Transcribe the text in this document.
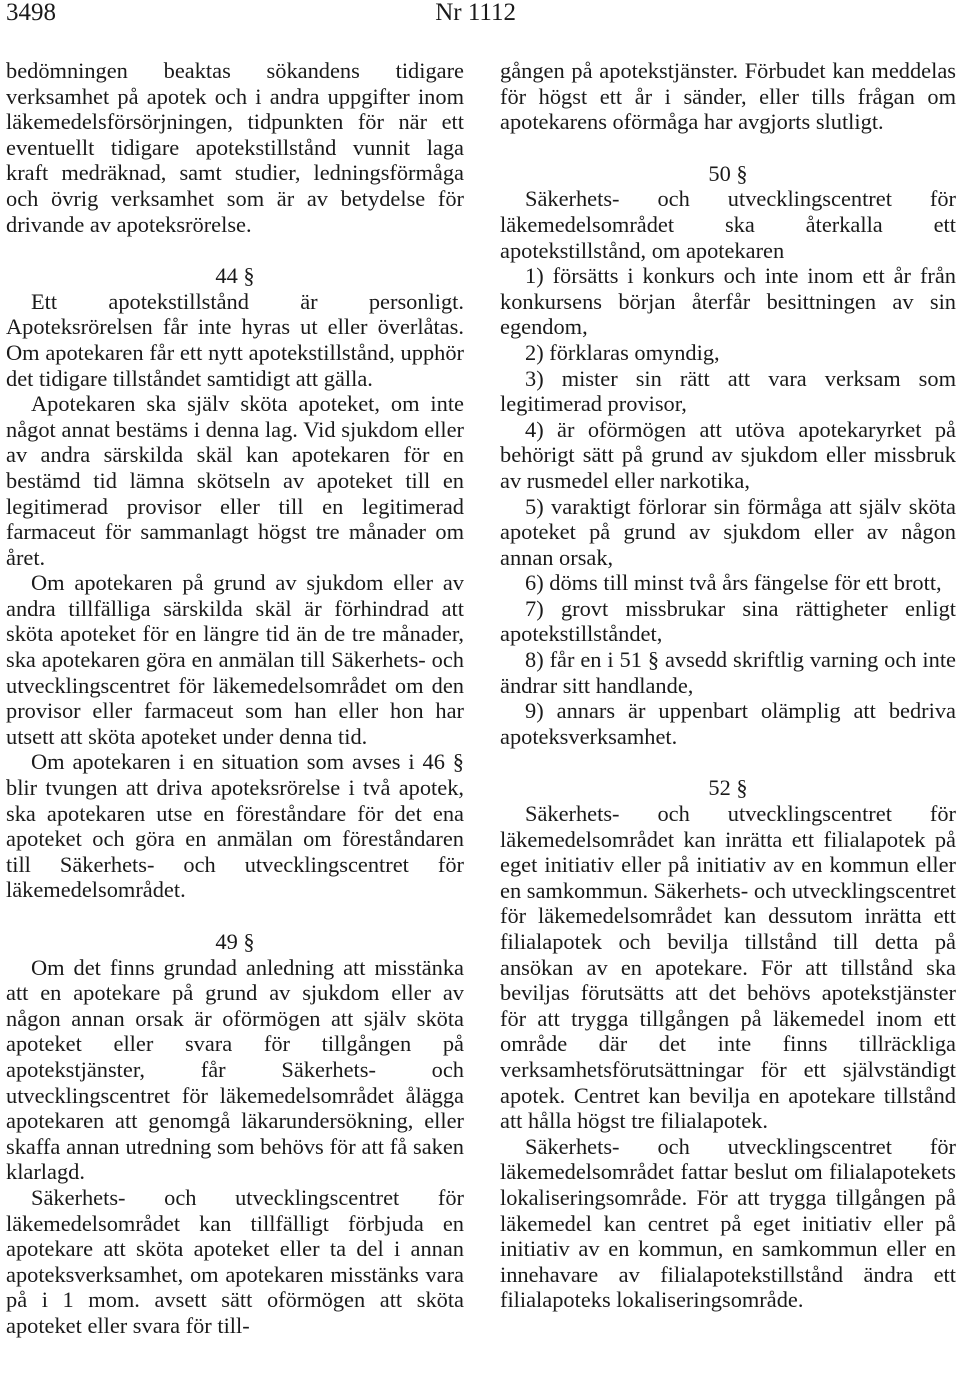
3498	Nr 1112

bedömningen beaktas sökandens tidigare verksamhet på apotek och i andra uppgifter inom läkemedelsförsörjningen, tidpunkten för när ett eventuellt tidigare apotekstillstånd vunnit laga kraft medräknad, samt studier, ledningsförmåga och övrig verksamhet som är av betydelse för drivande av apoteksrörelse.

44 §

Ett apotekstillstånd är personligt. Apoteksrörelsen får inte hyras ut eller överlåtas. Om apotekaren får ett nytt apotekstillstånd, upphör det tidigare tillståndet samtidigt att gälla.

Apotekaren ska själv sköta apoteket, om inte något annat bestäms i denna lag. Vid sjukdom eller av andra särskilda skäl kan apotekaren för en bestämd tid lämna skötseln av apoteket till en legitimerad provisor eller till en legitimerad farmaceut för sammanlagt högst tre månader om året.

Om apotekaren på grund av sjukdom eller av andra tillfälliga särskilda skäl är förhindrad att sköta apoteket för en längre tid än de tre månader, ska apotekaren göra en anmälan till Säkerhets- och utvecklingscentret för läkemedelsområdet om den provisor eller farmaceut som han eller hon har utsett att sköta apoteket under denna tid.

Om apotekaren i en situation som avses i 46 § blir tvungen att driva apoteksrörelse i två apotek, ska apotekaren utse en föreståndare för det ena apoteket och göra en anmälan om föreståndaren till Säkerhets- och utvecklingscentret för läkemedelsområdet.

49 §

Om det finns grundad anledning att misstänka att en apotekare på grund av sjukdom eller av någon annan orsak är oförmögen att själv sköta apoteket eller svara för tillgången på apotekstjänster, får Säkerhets- och utvecklingscentret för läkemedelsområdet ålägga apotekaren att genomgå läkarundersökning, eller skaffa annan utredning som behövs för att få saken klarlagd.

Säkerhets- och utvecklingscentret för läkemedelsområdet kan tillfälligt förbjuda en apotekare att sköta apoteket eller ta del i annan apoteksverksamhet, om apotekaren misstänks vara på i 1 mom. avsett sätt oförmögen att sköta apoteket eller svara för till-

gången på apotekstjänster. Förbudet kan meddelas för högst ett år i sänder, eller tills frågan om apotekarens oförmåga har avgjorts slutligt.

50 §

Säkerhets- och utvecklingscentret för läkemedelsområdet ska återkalla ett apotekstillstånd, om apotekaren

1) försätts i konkurs och inte inom ett år från konkursens början återfår besittningen av sin egendom,

2) förklaras omyndig,

3) mister sin rätt att vara verksam som legitimerad provisor,

4) är oförmögen att utöva apotekaryrket på behörigt sätt på grund av sjukdom eller missbruk av rusmedel eller narkotika,

5) varaktigt förlorar sin förmåga att själv sköta apoteket på grund av sjukdom eller av någon annan orsak,

6) döms till minst två års fängelse för ett brott,

7) grovt missbrukar sina rättigheter enligt apotekstillståndet,

8) får en i 51 § avsedd skriftlig varning och inte ändrar sitt handlande,

9) annars är uppenbart olämplig att bedriva apoteksverksamhet.

52 §

Säkerhets- och utvecklingscentret för läkemedelsområdet kan inrätta ett filialapotek på eget initiativ eller på initiativ av en kommun eller en samkommun. Säkerhets- och utvecklingscentret för läkemedelsområdet kan dessutom inrätta ett filialapotek och bevilja tillstånd till detta på ansökan av en apotekare. För att tillstånd ska beviljas förutsätts att det behövs apotekstjänster för att trygga tillgången på läkemedel inom ett område där det inte finns tillräckliga verksamhetsförutsättningar för ett självständigt apotek. Centret kan bevilja en apotekare tillstånd att hålla högst tre filialapotek.

Säkerhets- och utvecklingscentret för läkemedelsområdet fattar beslut om filialapotekets lokaliseringsområde. För att trygga tillgången på läkemedel kan centret på eget initiativ eller på initiativ av en kommun, en samkommun eller en innehavare av filialapotekstillstånd ändra ett filialapoteks lokaliseringsområde.
